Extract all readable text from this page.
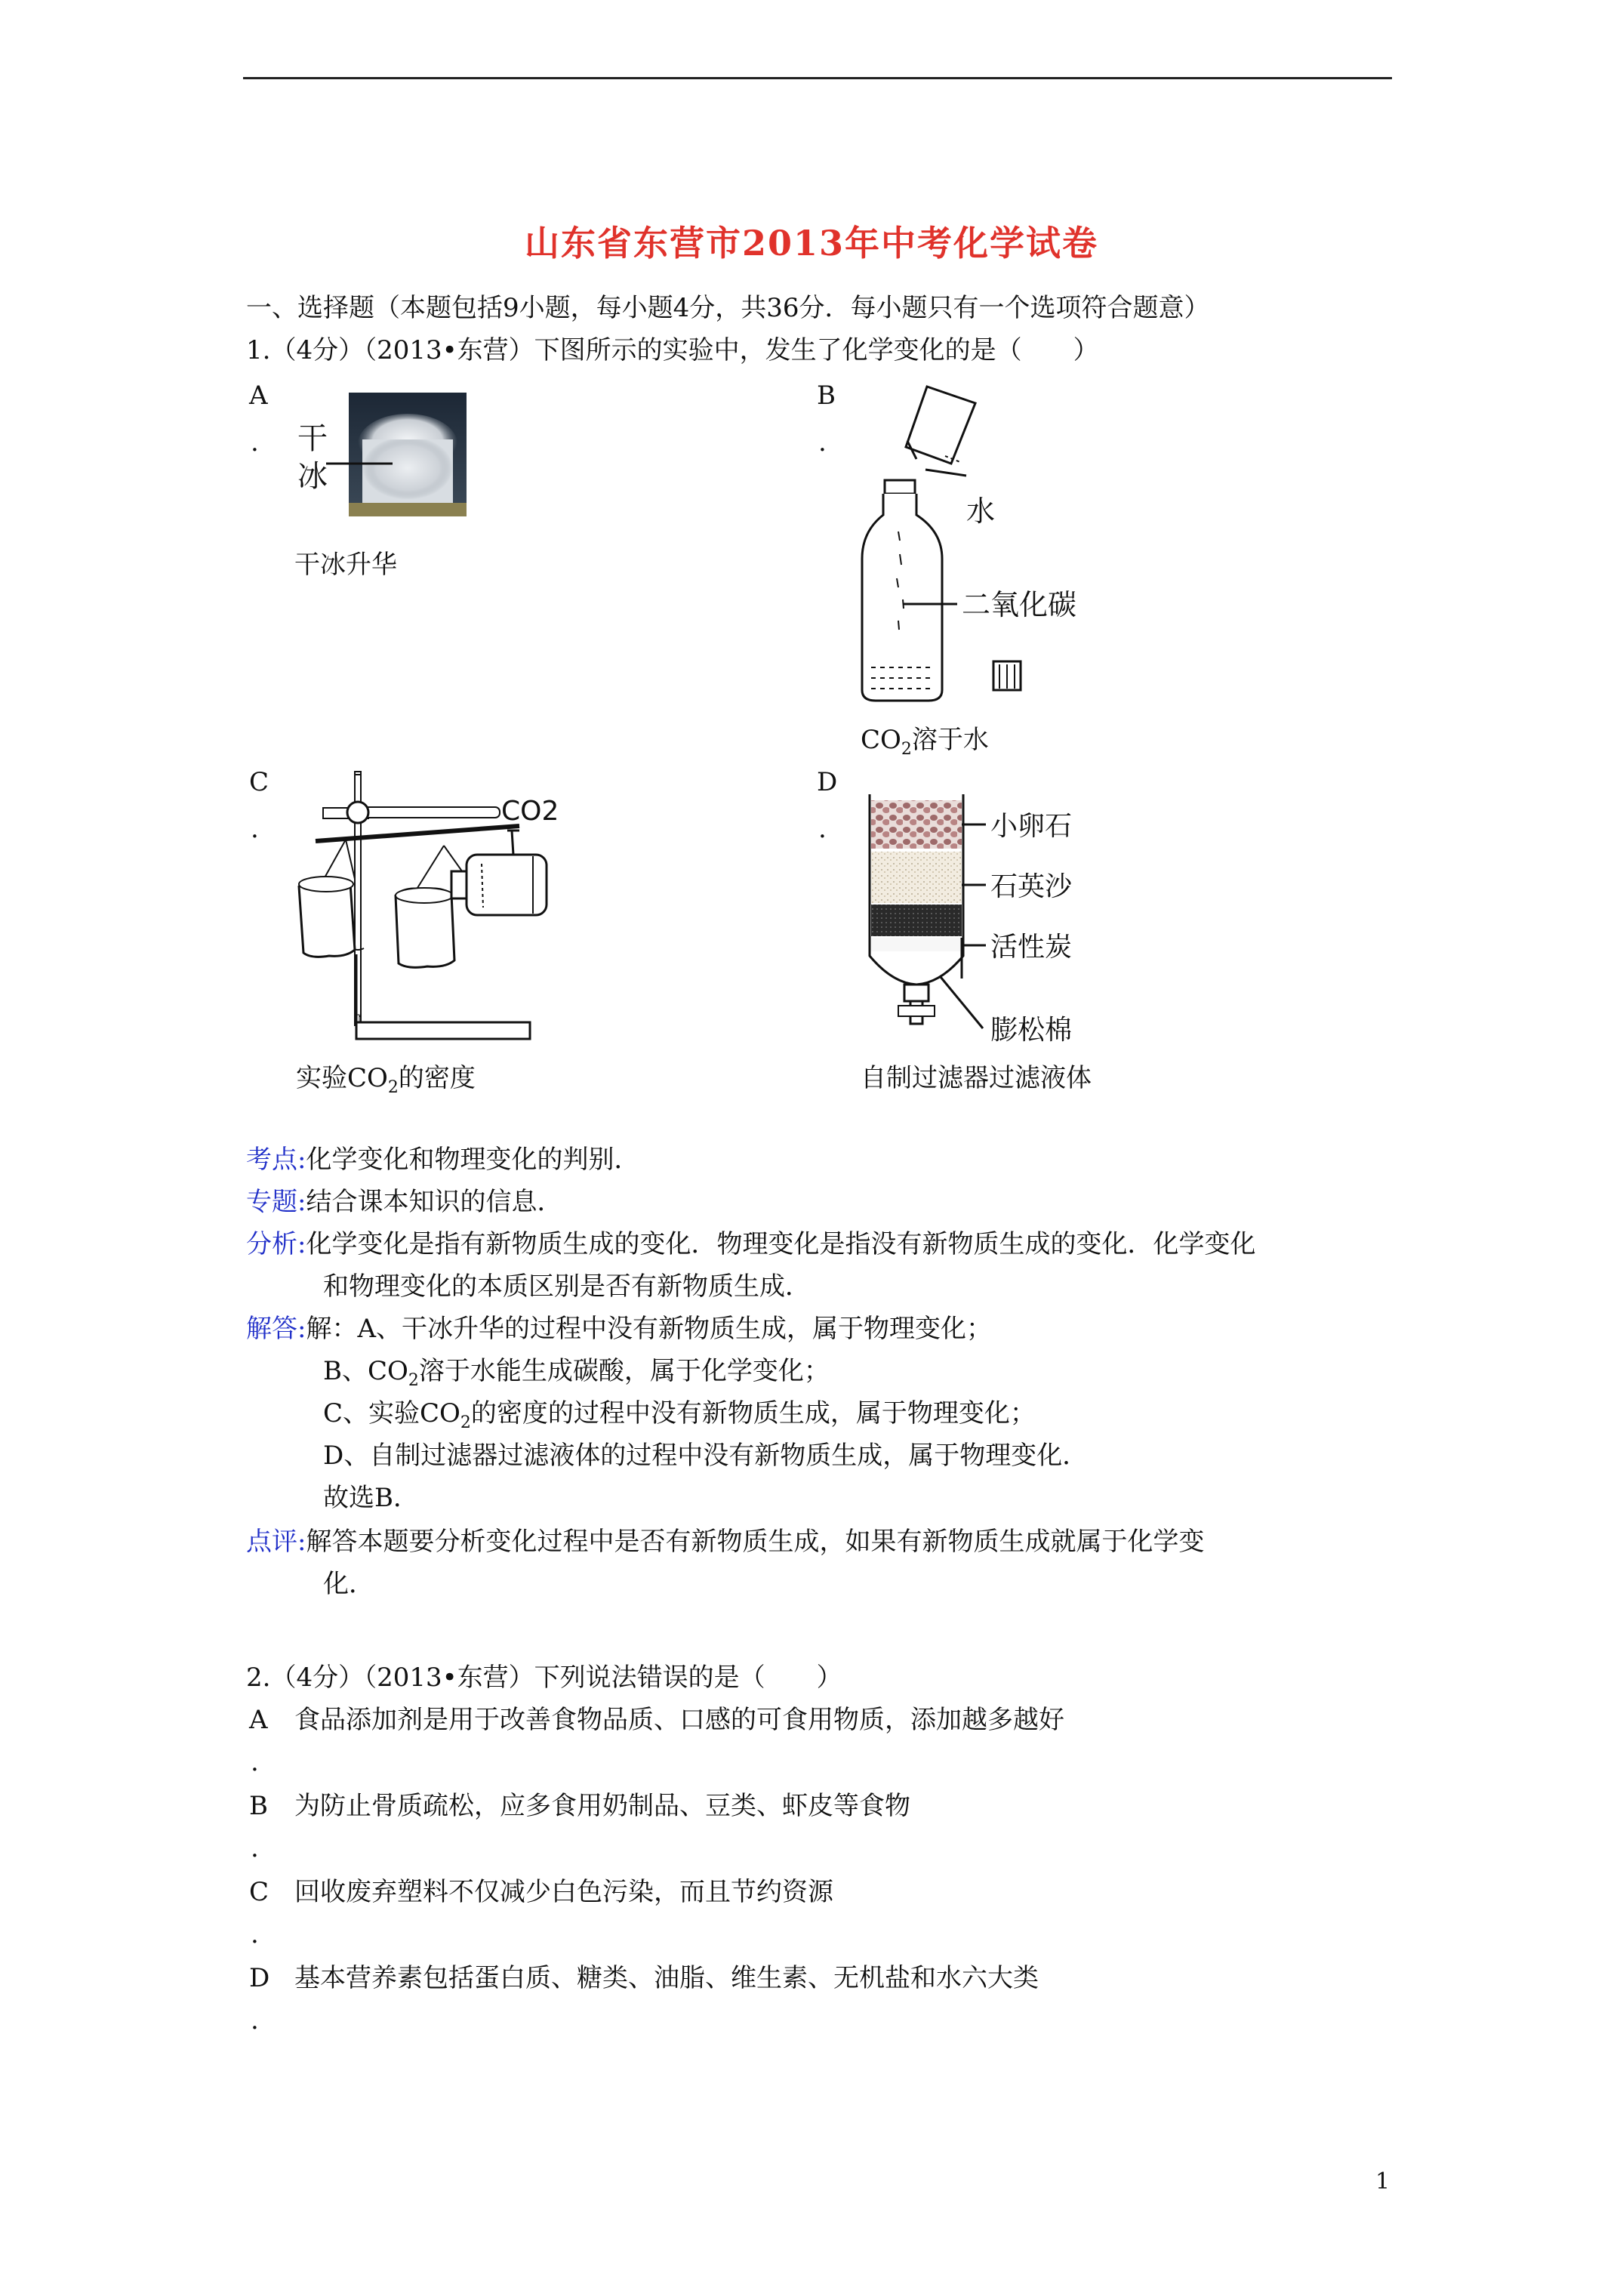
山东省东营市2013年中考化学试卷
一、选择题（本题包括9小题，每小题4分，共36分．每小题只有一个选项符合题意）
1.（4分）（2013•东营）下图所示的实验中，发生了化学变化的是（　　）
A
. 干
冰
干冰升华
B
.
水
二氧化碳
$CO_2$溶于水
C
.
CO2
实验$CO_2$的密度
D
.	小卵石
石英沙
活性炭
膨松棉
自制过滤器过滤液体
考点:化学变化和物理变化的判别．
专题:结合课本知识的信息．
分析:化学变化是指有新物质生成的变化．物理变化是指没有新物质生成的变化．化学变化
和物理变化的本质区别是否有新物质生成．
解答:解：A、干冰升华的过程中没有新物质生成，属于物理变化；
B、$CO_2$溶于水能生成碳酸，属于化学变化；
C、实验$CO_2$的密度的过程中没有新物质生成，属于物理变化；
D、自制过滤器过滤液体的过程中没有新物质生成，属于物理变化．
故选B．
点评:解答本题要分析变化过程中是否有新物质生成，如果有新物质生成就属于化学变
化．
2.（4分）（2013•东营）下列说法错误的是（　　）
A 食品添加剂是用于改善食物品质、口感的可食用物质，添加越多越好
.
B 为防止骨质疏松，应多食用奶制品、豆类、虾皮等食物
.
C 回收废弃塑料不仅减少白色污染，而且节约资源
.
D 基本营养素包括蛋白质、糖类、油脂、维生素、无机盐和水六大类
.
1
